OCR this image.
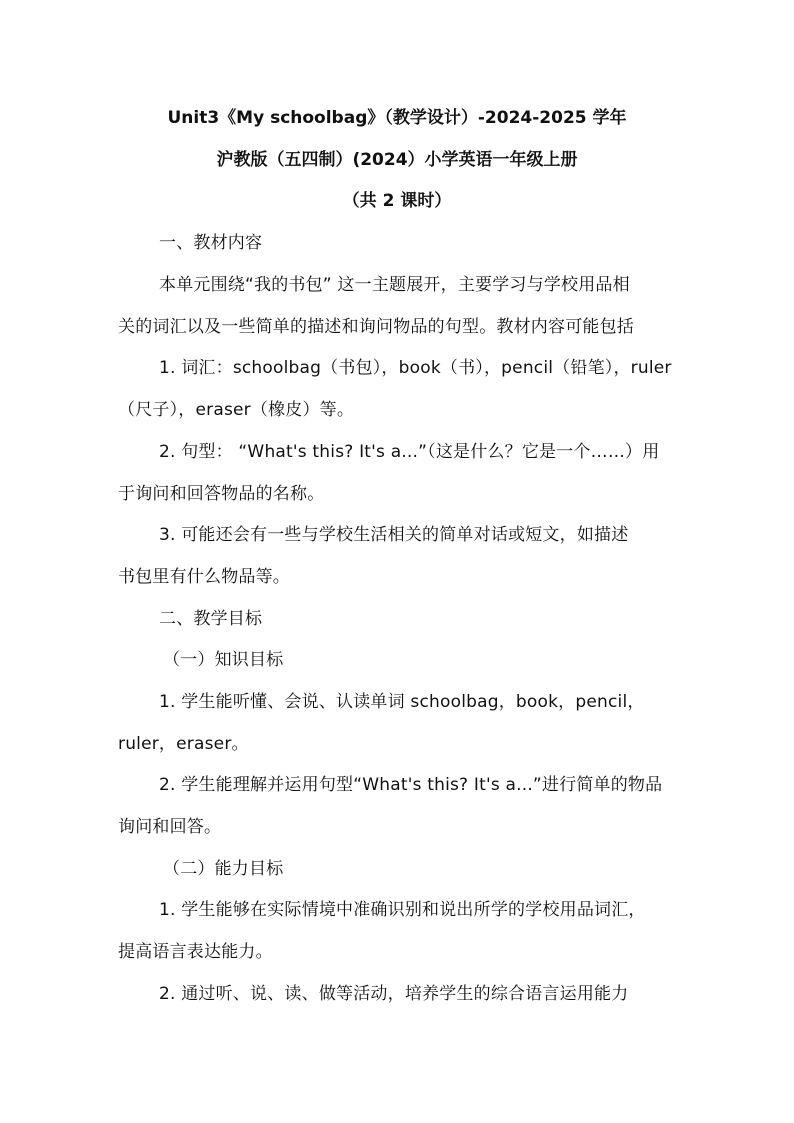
Unit3《My schoolbag》（教学设计）-2024-2025 学年
沪教版（五四制）(2024）小学英语一年级上册
（共 2 课时）
一、教材内容
本单元围绕“我的书包” 这一主题展开，主要学习与学校用品相
关的词汇以及一些简单的描述和询问物品的句型。教材内容可能包括
1. 词汇：schoolbag（书包），book（书），pencil（铅笔），ruler
（尺子），eraser（橡皮）等。
2. 句型： “What's this? It's a...”（这是什么？它是一个……）用
于询问和回答物品的名称。
3. 可能还会有一些与学校生活相关的简单对话或短文，如描述
书包里有什么物品等。
二、教学目标
（一）知识目标
1. 学生能听懂、会说、认读单词 schoolbag，book，pencil，
ruler，eraser。
2. 学生能理解并运用句型“What's this? It's a...”进行简单的物品
询问和回答。
（二）能力目标
1. 学生能够在实际情境中准确识别和说出所学的学校用品词汇，
提高语言表达能力。
2. 通过听、说、读、做等活动，培养学生的综合语言运用能力
